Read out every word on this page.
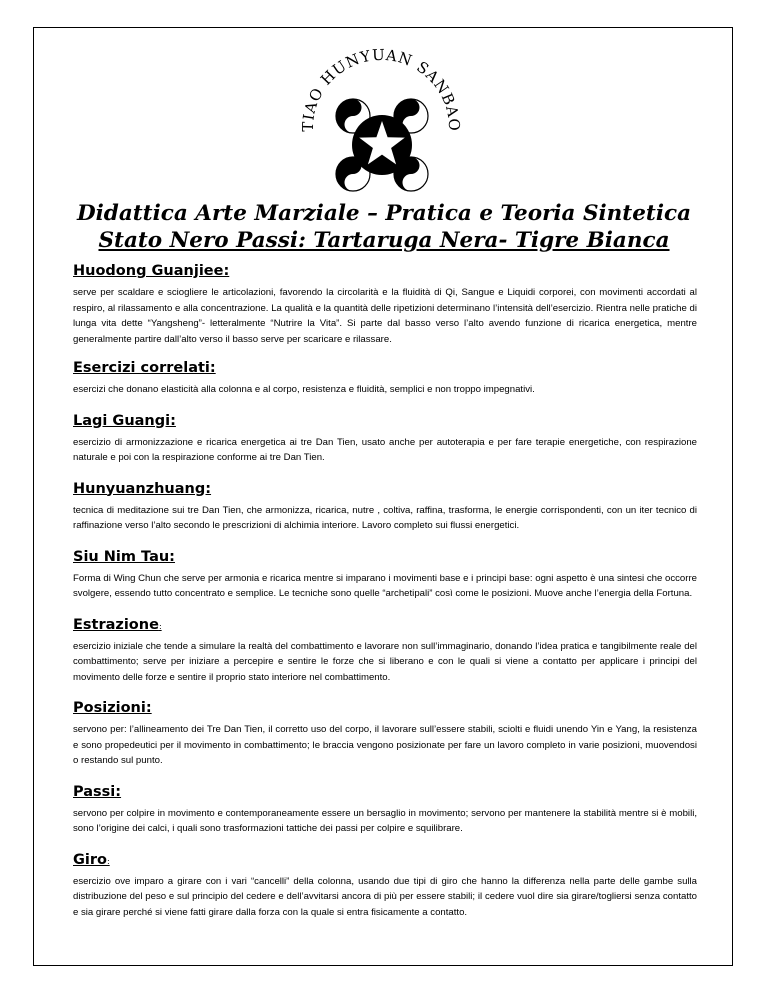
TIAO HUNYUAN SANBAO
Didattica Arte Marziale – Pratica e Teoria Sintetica
Stato Nero Passi: Tartaruga Nera- Tigre Bianca
Huodong Guanjiee:

serve per scaldare e sciogliere le articolazioni, favorendo la circolarità e la fluidità di Qi, Sangue e Liquidi corporei, con movimenti accordati al respiro, al rilassamento e alla concentrazione. La qualità e la quantità delle ripetizioni determinano l’intensità dell’esercizio. Rientra nelle pratiche di lunga vita dette “Yangsheng”- letteralmente “Nutrire la Vita”. Si parte dal basso verso l’alto avendo funzione di ricarica energetica, mentre generalmente partire dall’alto verso il basso serve per scaricare e rilassare.

Esercizi correlati:

esercizi che donano elasticità alla colonna e al corpo, resistenza e fluidità, semplici e non troppo impegnativi.

Lagi Guangi:

esercizio di armonizzazione e ricarica energetica ai tre Dan Tien, usato anche per autoterapia e per fare terapie energetiche, con respirazione naturale e poi con la respirazione conforme ai tre Dan Tien.

Hunyuanzhuang:

tecnica di meditazione sui tre Dan Tien, che armonizza, ricarica, nutre , coltiva, raffina, trasforma, le energie corrispondenti, con un iter tecnico di raffinazione verso l’alto secondo le prescrizioni di alchimia interiore. Lavoro completo sui flussi energetici.

Siu Nim Tau:

Forma di Wing Chun che serve per armonia e ricarica mentre si imparano i movimenti base e i principi base: ogni aspetto è una sintesi che occorre svolgere, essendo tutto concentrato e semplice. Le tecniche sono quelle “archetipali” così come le posizioni. Muove anche l’energia della Fortuna.

Estrazione:

esercizio iniziale che tende a simulare la realtà del combattimento e lavorare non sull’immaginario, donando l’idea pratica e tangibilmente reale del combattimento; serve per iniziare a percepire e sentire le forze che si liberano e con le quali si viene a contatto per applicare i principi del movimento delle forze e sentire il proprio stato interiore nel combattimento.

Posizioni:

servono per: l’allineamento dei Tre Dan Tien, il corretto uso del corpo, il lavorare sull’essere stabili, sciolti e fluidi unendo Yin e Yang, la resistenza e sono propedeutici per il movimento in combattimento; le braccia vengono posizionate per fare un lavoro completo in varie posizioni, muovendosi o restando sul punto.

Passi:

servono per colpire in movimento e contemporaneamente essere un bersaglio in movimento; servono per mantenere la stabilità mentre si è mobili, sono l’origine dei calci, i quali sono trasformazioni tattiche dei passi per colpire e squilibrare.

Giro:

esercizio ove imparo a girare con i vari “cancelli” della colonna, usando due tipi di giro che hanno la differenza nella parte delle gambe sulla distribuzione del peso e sul principio del cedere e dell’avvitarsi ancora di più per essere stabili; il cedere vuol dire sia girare/togliersi senza contatto e sia girare perché si viene fatti girare dalla forza con la quale si entra fisicamente a contatto.
